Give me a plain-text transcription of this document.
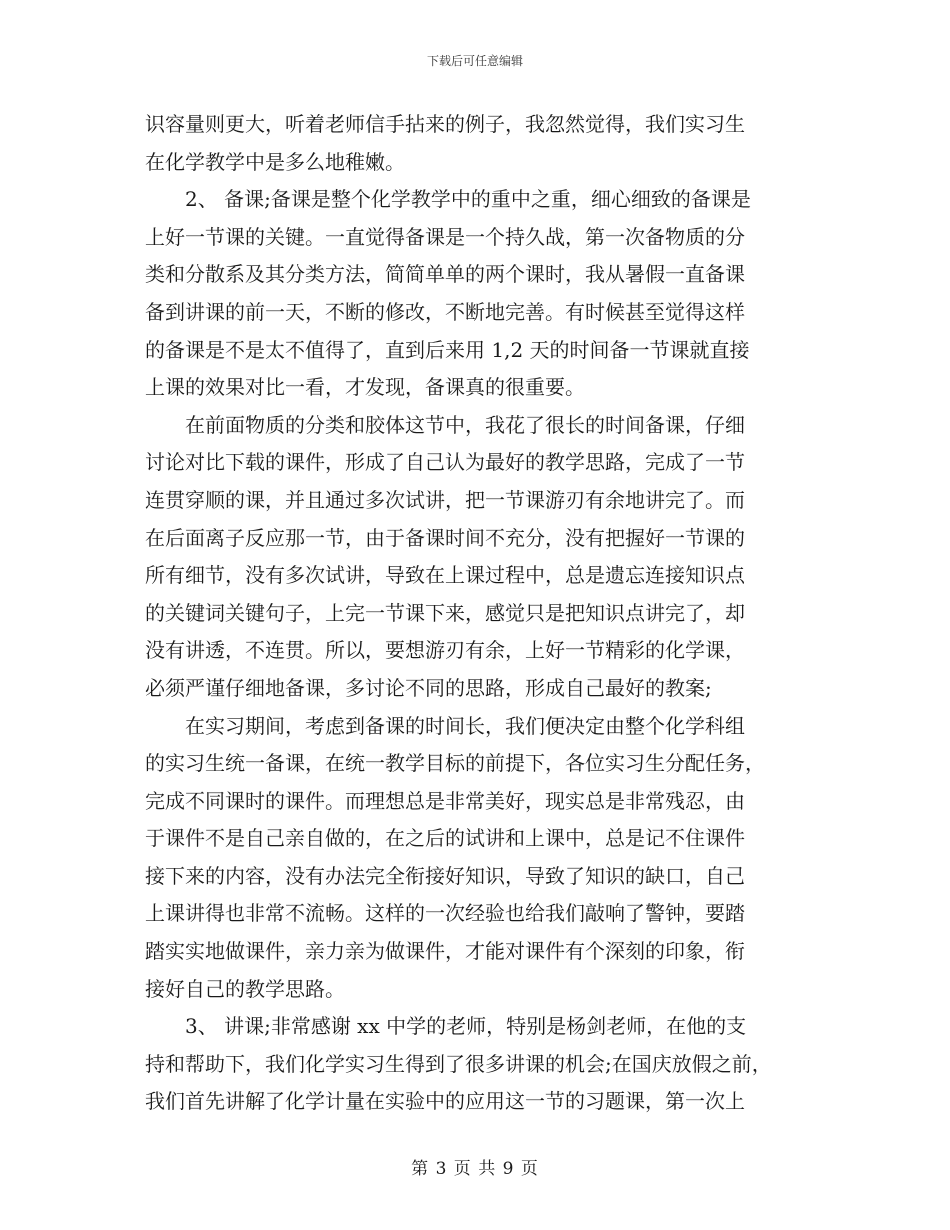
下载后可任意编辑
识容量则更大，听着老师信手拈来的例子，我忽然觉得，我们实习生
在化学教学中是多么地稚嫩。
2、 备课;备课是整个化学教学中的重中之重，细心细致的备课是
上好一节课的关键。一直觉得备课是一个持久战，第一次备物质的分
类和分散系及其分类方法，简简单单的两个课时，我从暑假一直备课
备到讲课的前一天，不断的修改，不断地完善。有时候甚至觉得这样
的备课是不是太不值得了，直到后来用 1,2 天的时间备一节课就直接
上课的效果对比一看，才发现，备课真的很重要。
在前面物质的分类和胶体这节中，我花了很长的时间备课，仔细
讨论对比下载的课件，形成了自己认为最好的教学思路，完成了一节
连贯穿顺的课，并且通过多次试讲，把一节课游刃有余地讲完了。而
在后面离子反应那一节，由于备课时间不充分，没有把握好一节课的
所有细节，没有多次试讲，导致在上课过程中，总是遗忘连接知识点
的关键词关键句子，上完一节课下来，感觉只是把知识点讲完了，却
没有讲透，不连贯。所以，要想游刃有余，上好一节精彩的化学课，
必须严谨仔细地备课，多讨论不同的思路，形成自己最好的教案;
在实习期间，考虑到备课的时间长，我们便决定由整个化学科组
的实习生统一备课，在统一教学目标的前提下，各位实习生分配任务，
完成不同课时的课件。而理想总是非常美好，现实总是非常残忍，由
于课件不是自己亲自做的，在之后的试讲和上课中，总是记不住课件
接下来的内容，没有办法完全衔接好知识，导致了知识的缺口，自己
上课讲得也非常不流畅。这样的一次经验也给我们敲响了警钟，要踏
踏实实地做课件，亲力亲为做课件，才能对课件有个深刻的印象，衔
接好自己的教学思路。
3、 讲课;非常感谢 xx 中学的老师，特别是杨剑老师，在他的支
持和帮助下，我们化学实习生得到了很多讲课的机会;在国庆放假之前，
我们首先讲解了化学计量在实验中的应用这一节的习题课，第一次上
第 3 页 共 9 页
